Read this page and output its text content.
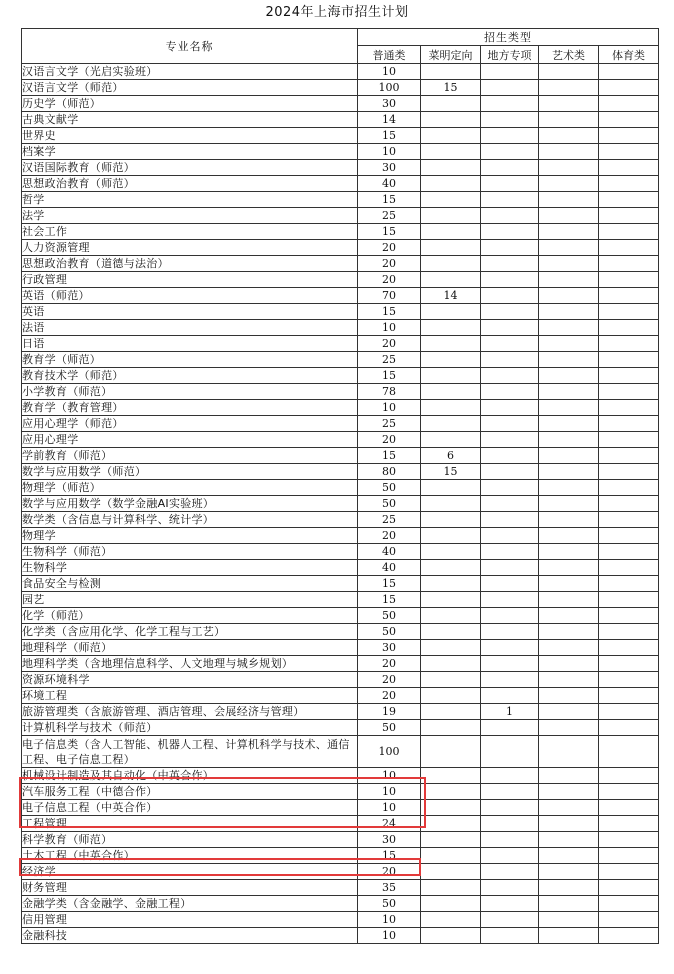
2024年上海市招生计划
专业名称	招生类型				
	普通类	菜明定向	地方专项	艺术类	体育类
汉语言文学（光启实验班）	10				
汉语言文学（师范）	100	15			
历史学（师范）	30				
古典文献学	14				
世界史	15				
档案学	10				
汉语国际教育（师范）	30				
思想政治教育（师范）	40				
哲学	15				
法学	25				
社会工作	15				
人力资源管理	20				
思想政治教育（道德与法治）	20				
行政管理	20				
英语（师范）	70	14			
英语	15				
法语	10				
日语	20				
教育学（师范）	25				
教育技术学（师范）	15				
小学教育（师范）	78				
教育学（教育管理）	10				
应用心理学（师范）	25				
应用心理学	20				
学前教育（师范）	15	6			
数学与应用数学（师范）	80	15			
物理学（师范）	50				
数学与应用数学（数学金融AI实验班）	50				
数学类（含信息与计算科学、统计学）	25				
物理学	20				
生物科学（师范）	40				
生物科学	40				
食品安全与检测	15				
园艺	15				
化学（师范）	50				
化学类（含应用化学、化学工程与工艺）	50				
地理科学（师范）	30				
地理科学类（含地理信息科学、人文地理与城乡规划）	20				
资源环境科学	20				
环境工程	20				
旅游管理类（含旅游管理、酒店管理、会展经济与管理）	19		1		
计算机科学与技术（师范）	50				
电子信息类（含人工智能、机器人工程、计算机科学与技术、通信工程、电子信息工程）	100				
机械设计制造及其自动化（中英合作）	10				
汽车服务工程（中德合作）	10				
电子信息工程（中英合作）	10				
工程管理	24				
科学教育（师范）	30				
土木工程（中英合作）	15				
经济学	20				
财务管理	35				
金融学类（含金融学、金融工程）	50				
信用管理	10				
金融科技	10				
